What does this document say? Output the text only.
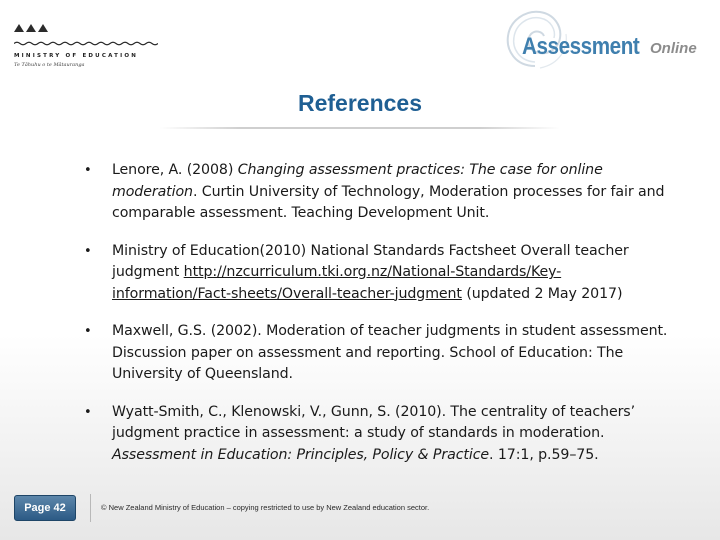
MINISTRY OF EDUCATION
Te Tāhuhu o te Mātauranga
Assessment Online
References
• Lenore, A. (2008) Changing assessment practices: The case for online moderation. Curtin University of Technology, Moderation processes for fair and comparable assessment. Teaching Development Unit.
• Ministry of Education(2010) National Standards Factsheet Overall teacher judgment http://nzcurriculum.tki.org.nz/National-Standards/Key-information/Fact-sheets/Overall-teacher-judgment (updated 2 May 2017)
• Maxwell, G.S. (2002). Moderation of teacher judgments in student assessment. Discussion paper on assessment and reporting. School of Education: The University of Queensland.
• Wyatt-Smith, C., Klenowski, V., Gunn, S. (2010). The centrality of teachers’ judgment practice in assessment: a study of standards in moderation. Assessment in Education: Principles, Policy & Practice. 17:1, p.59–75.
Page 42	© New Zealand Ministry of Education – copying restricted to use by New Zealand education sector.
